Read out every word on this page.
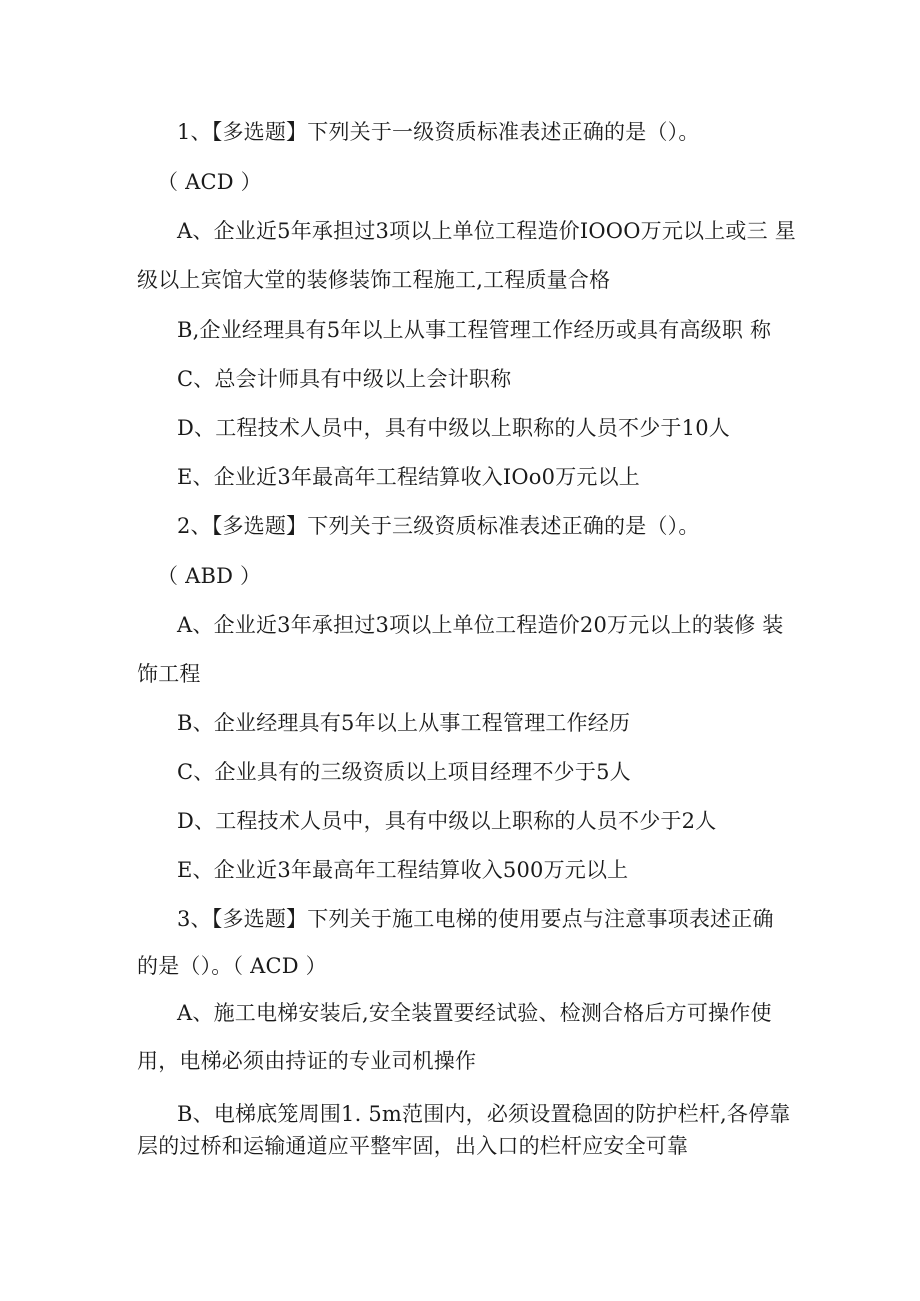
1、【多选题】下列关于一级资质标准表述正确的是（）。
（ ACD ）
A、企业近5年承担过3项以上单位工程造价IOOO万元以上或三 星
级以上宾馆大堂的装修装饰工程施工,工程质量合格
B,企业经理具有5年以上从事工程管理工作经历或具有高级职 称
C、总会计师具有中级以上会计职称
D、工程技术人员中，具有中级以上职称的人员不少于10人
E、企业近3年最高年工程结算收入IOo0万元以上
2、【多选题】下列关于三级资质标准表述正确的是（）。
（ ABD ）
A、企业近3年承担过3项以上单位工程造价20万元以上的装修 装
饰工程
B、企业经理具有5年以上从事工程管理工作经历
C、企业具有的三级资质以上项目经理不少于5人
D、工程技术人员中，具有中级以上职称的人员不少于2人
E、企业近3年最高年工程结算收入500万元以上
3、【多选题】下列关于施工电梯的使用要点与注意事项表述正确
的是（）。（ ACD ）
A、施工电梯安装后,安全装置要经试验、检测合格后方可操作使
用，电梯必须由持证的专业司机操作
B、电梯底笼周围1. 5m范围内，必须设置稳固的防护栏杆,各停靠
层的过桥和运输通道应平整牢固，出入口的栏杆应安全可靠
